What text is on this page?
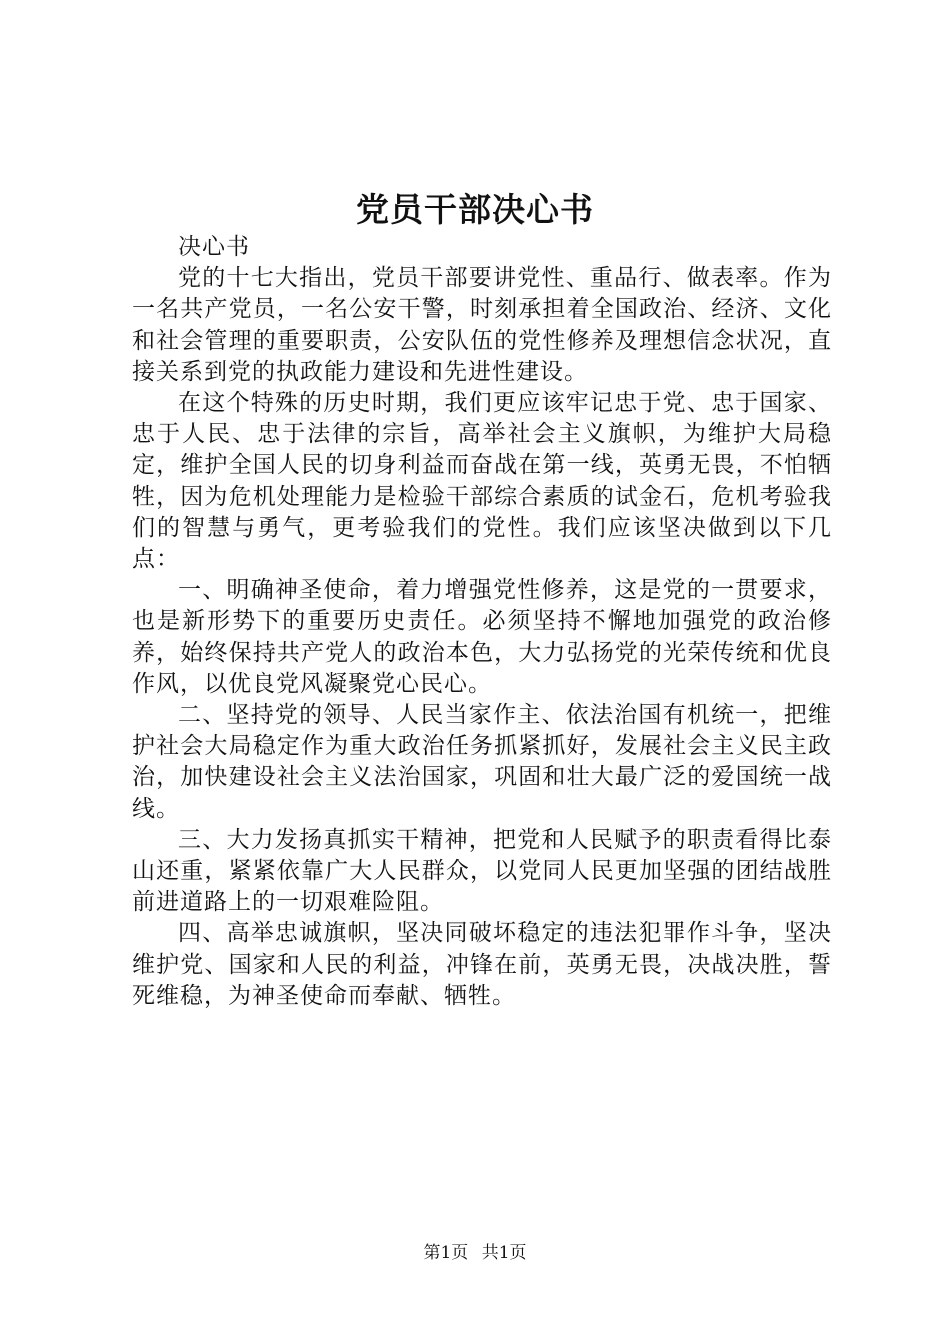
党员干部决心书

决心书

党的十七大指出，党员干部要讲党性、重品行、做表率。作为一名共产党员，一名公安干警，时刻承担着全国政治、经济、文化和社会管理的重要职责，公安队伍的党性修养及理想信念状况，直接关系到党的执政能力建设和先进性建设。

在这个特殊的历史时期，我们更应该牢记忠于党、忠于国家、忠于人民、忠于法律的宗旨，高举社会主义旗帜，为维护大局稳定，维护全国人民的切身利益而奋战在第一线，英勇无畏，不怕牺牲，因为危机处理能力是检验干部综合素质的试金石，危机考验我们的智慧与勇气，更考验我们的党性。我们应该坚决做到以下几点：

一、明确神圣使命，着力增强党性修养，这是党的一贯要求，也是新形势下的重要历史责任。必须坚持不懈地加强党的政治修养，始终保持共产党人的政治本色，大力弘扬党的光荣传统和优良作风，以优良党风凝聚党心民心。

二、坚持党的领导、人民当家作主、依法治国有机统一，把维护社会大局稳定作为重大政治任务抓紧抓好，发展社会主义民主政治，加快建设社会主义法治国家，巩固和壮大最广泛的爱国统一战线。

三、大力发扬真抓实干精神，把党和人民赋予的职责看得比泰山还重，紧紧依靠广大人民群众，以党同人民更加坚强的团结战胜前进道路上的一切艰难险阻。

四、高举忠诚旗帜，坚决同破坏稳定的违法犯罪作斗争，坚决维护党、国家和人民的利益，冲锋在前，英勇无畏，决战决胜，誓死维稳，为神圣使命而奉献、牺牲。

第1页 共1页
